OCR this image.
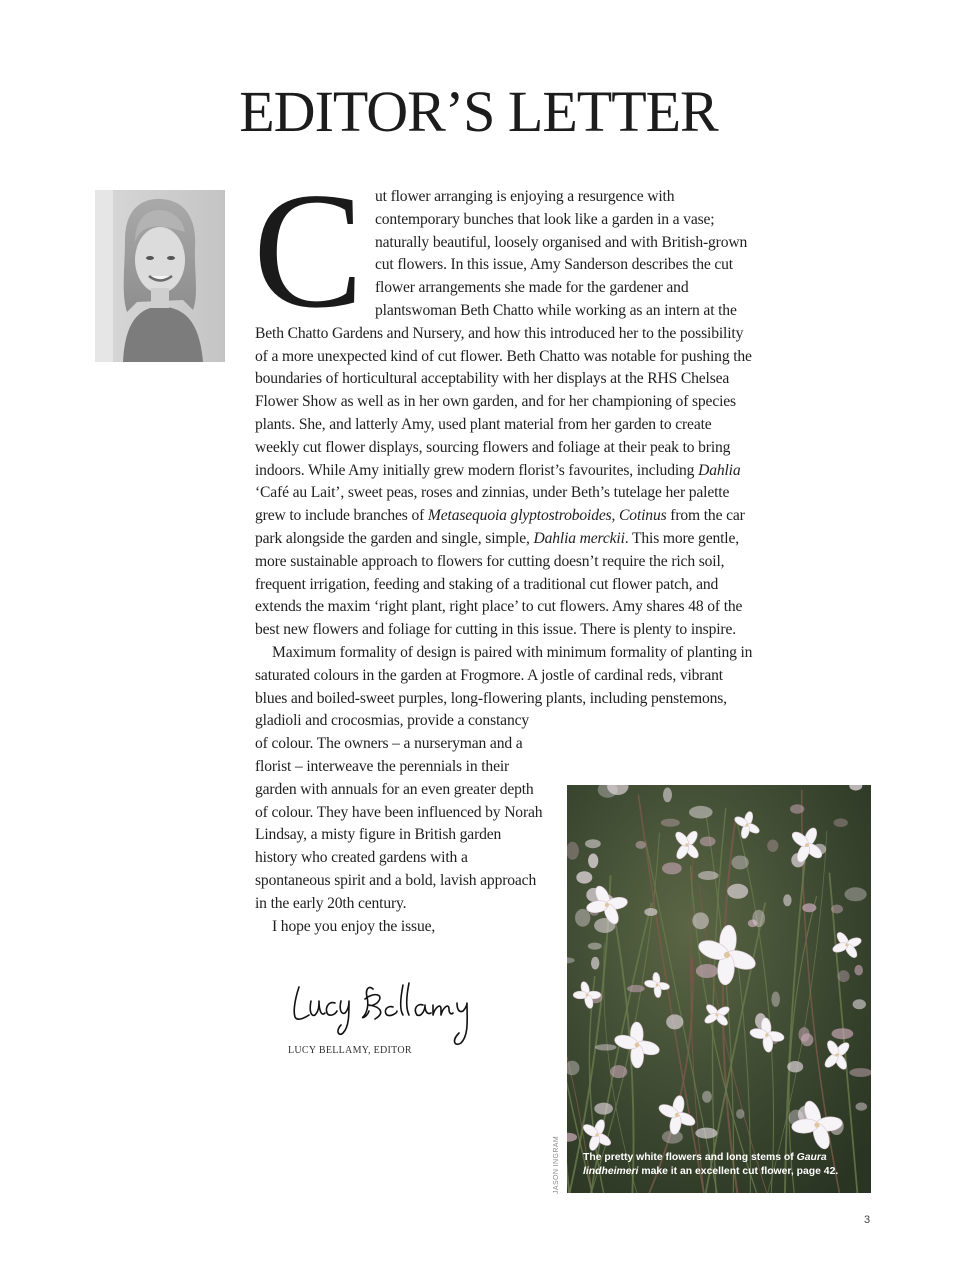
EDITOR’S LETTER
C ut flower arranging is enjoying a resurgence with contemporary bunches that look like a garden in a vase; naturally beautiful, loosely organised and with British-grown cut flowers. In this issue, Amy Sanderson describes the cut flower arrangements she made for the gardener and plantswoman Beth Chatto while working as an intern at the Beth Chatto Gardens and Nursery, and how this introduced her to the possibility of a more unexpected kind of cut flower. Beth Chatto was notable for pushing the boundaries of horticultural acceptability with her displays at the RHS Chelsea Flower Show as well as in her own garden, and for her championing of species plants. She, and latterly Amy, used plant material from her garden to create weekly cut flower displays, sourcing flowers and foliage at their peak to bring indoors. While Amy initially grew modern florist’s favourites, including Dahlia ‘Café au Lait’, sweet peas, roses and zinnias, under Beth’s tutelage her palette grew to include branches of Metasequoia glyptostroboides, Cotinus from the car park alongside the garden and single, simple, Dahlia merckii. This more gentle, more sustainable approach to flowers for cutting doesn’t require the rich soil, frequent irrigation, feeding and staking of a traditional cut flower patch, and extends the maxim ‘right plant, right place’ to cut flowers. Amy shares 48 of the best new flowers and foliage for cutting in this issue. There is plenty to inspire.

Maximum formality of design is paired with minimum formality of planting in saturated colours in the garden at Frogmore. A jostle of cardinal reds, vibrant blues and boiled-sweet purples, long-flowering plants, including penstemons, gladioli and crocosmias, provide a constancy

of colour. The owners – a nurseryman and a florist – interweave the perennials in their garden with annuals for an even greater depth of colour. They have been influenced by Norah Lindsay, a misty figure in British garden history who created gardens with a spontaneous spirit and a bold, lavish approach in the early 20th century.

I hope you enjoy the issue,

LUCY BELLAMY, EDITOR
The pretty white flowers and long stems of Gaura lindheimeri make it an excellent cut flower, page 42.
JASON INGRAM
3
